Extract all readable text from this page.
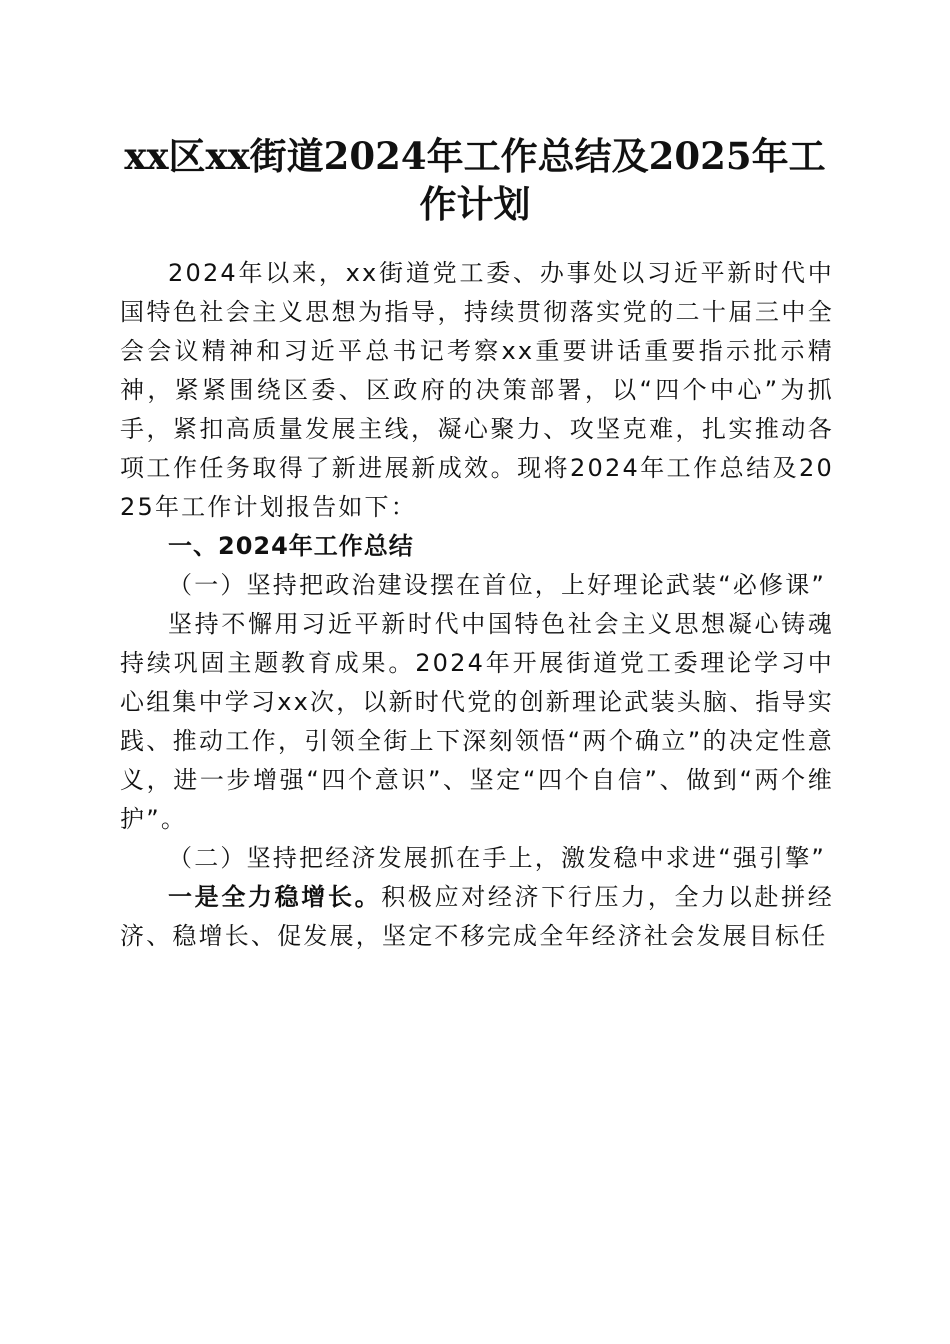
xx区xx街道2024年工作总结及2025年工作计划

2024年以来，xx街道党工委、办事处以习近平新时代中国特色社会主义思想为指导，持续贯彻落实党的二十届三中全会会议精神和习近平总书记考察xx重要讲话重要指示批示精神，紧紧围绕区委、区政府的决策部署，以“四个中心”为抓手，紧扣高质量发展主线，凝心聚力、攻坚克难，扎实推动各项工作任务取得了新进展新成效。现将2024年工作总结及2025年工作计划报告如下：

一、2024年工作总结

（一）坚持把政治建设摆在首位，上好理论武装“必修课”

坚持不懈用习近平新时代中国特色社会主义思想凝心铸魂持续巩固主题教育成果。2024年开展街道党工委理论学习中心组集中学习xx次，以新时代党的创新理论武装头脑、指导实践、推动工作，引领全街上下深刻领悟“两个确立”的决定性意义，进一步增强“四个意识”、坚定“四个自信”、做到“两个维护”。

（二）坚持把经济发展抓在手上，激发稳中求进“强引擎”

一是全力稳增长。积极应对经济下行压力，全力以赴拼经济、稳增长、促发展，坚定不移完成全年经济社会发展目标任
